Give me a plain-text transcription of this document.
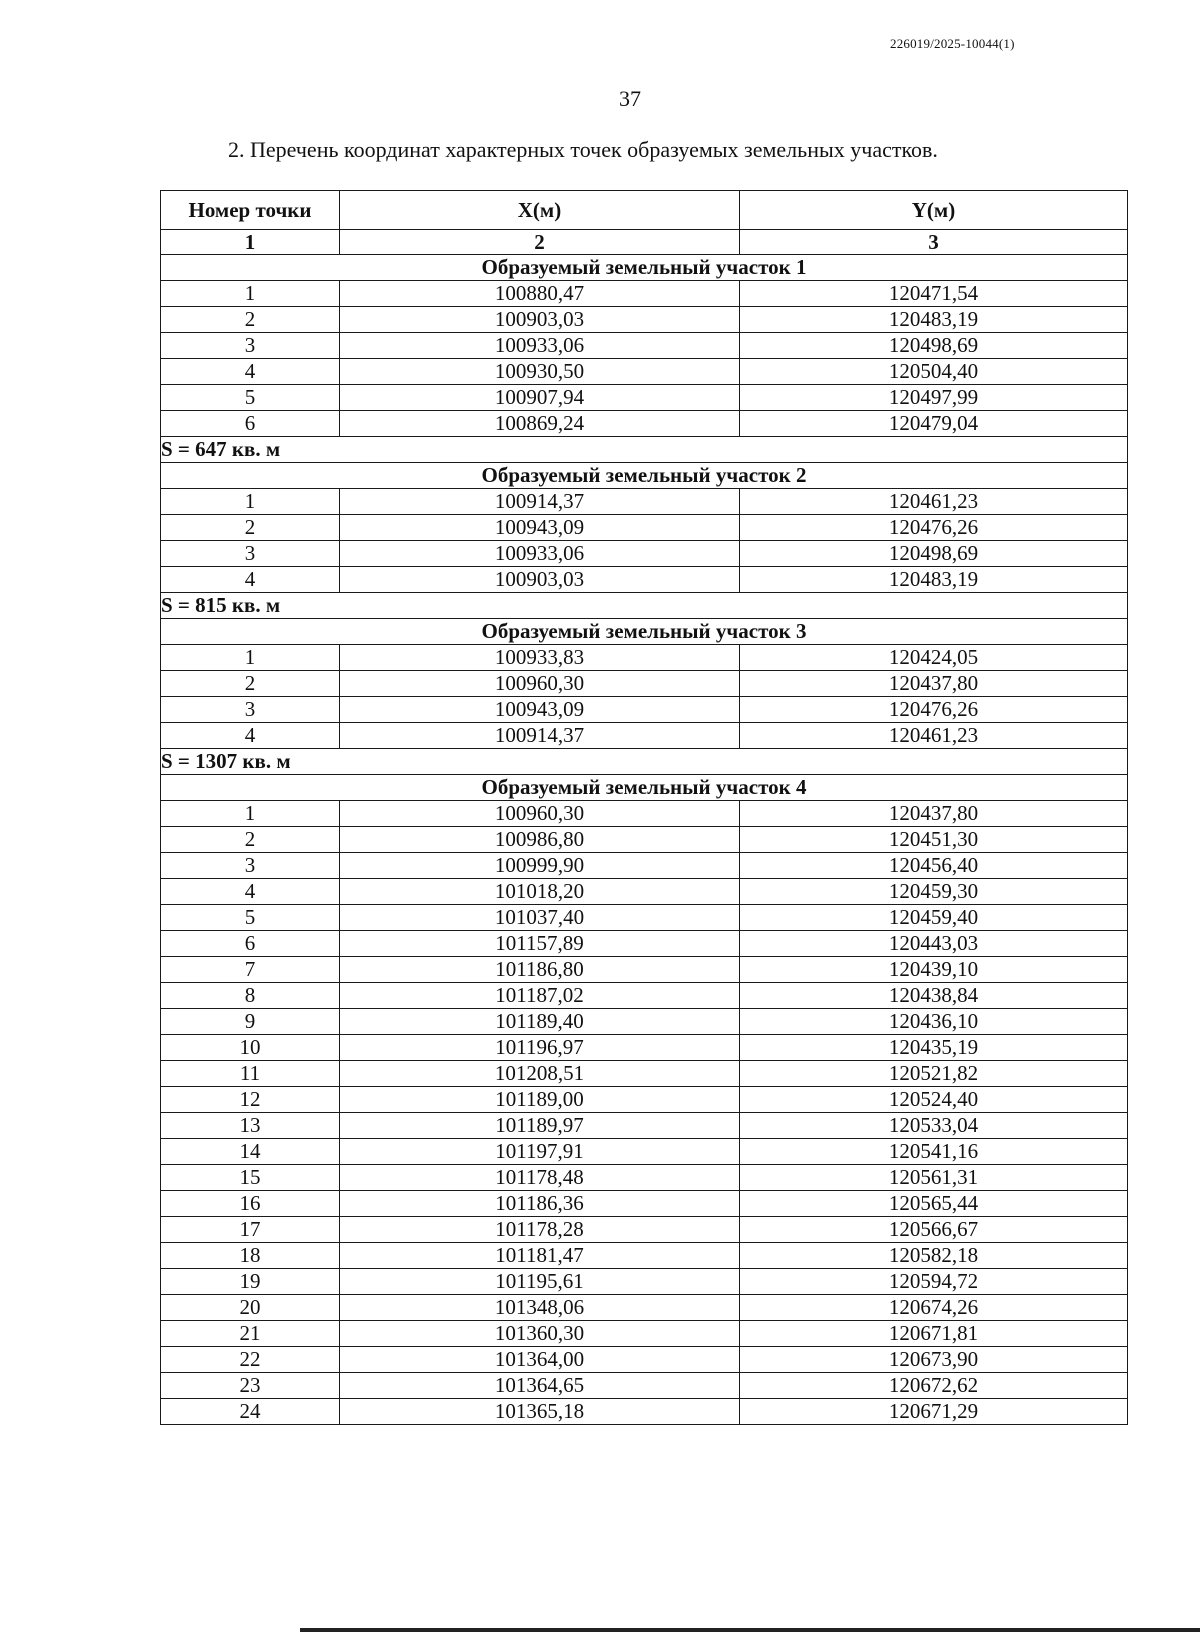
226019/2025-10044(1)
37
2. Перечень координат характерных точек образуемых земельных участков.
Номер точки	X(м)	Y(м)
1	2	3
Образуемый земельный участок 1		
1	100880,47	120471,54
2	100903,03	120483,19
3	100933,06	120498,69
4	100930,50	120504,40
5	100907,94	120497,99
6	100869,24	120479,04
S = 647 кв. м		
Образуемый земельный участок 2		
1	100914,37	120461,23
2	100943,09	120476,26
3	100933,06	120498,69
4	100903,03	120483,19
S = 815 кв. м		
Образуемый земельный участок 3		
1	100933,83	120424,05
2	100960,30	120437,80
3	100943,09	120476,26
4	100914,37	120461,23
S = 1307 кв. м		
Образуемый земельный участок 4		
1	100960,30	120437,80
2	100986,80	120451,30
3	100999,90	120456,40
4	101018,20	120459,30
5	101037,40	120459,40
6	101157,89	120443,03
7	101186,80	120439,10
8	101187,02	120438,84
9	101189,40	120436,10
10	101196,97	120435,19
11	101208,51	120521,82
12	101189,00	120524,40
13	101189,97	120533,04
14	101197,91	120541,16
15	101178,48	120561,31
16	101186,36	120565,44
17	101178,28	120566,67
18	101181,47	120582,18
19	101195,61	120594,72
20	101348,06	120674,26
21	101360,30	120671,81
22	101364,00	120673,90
23	101364,65	120672,62
24	101365,18	120671,29
